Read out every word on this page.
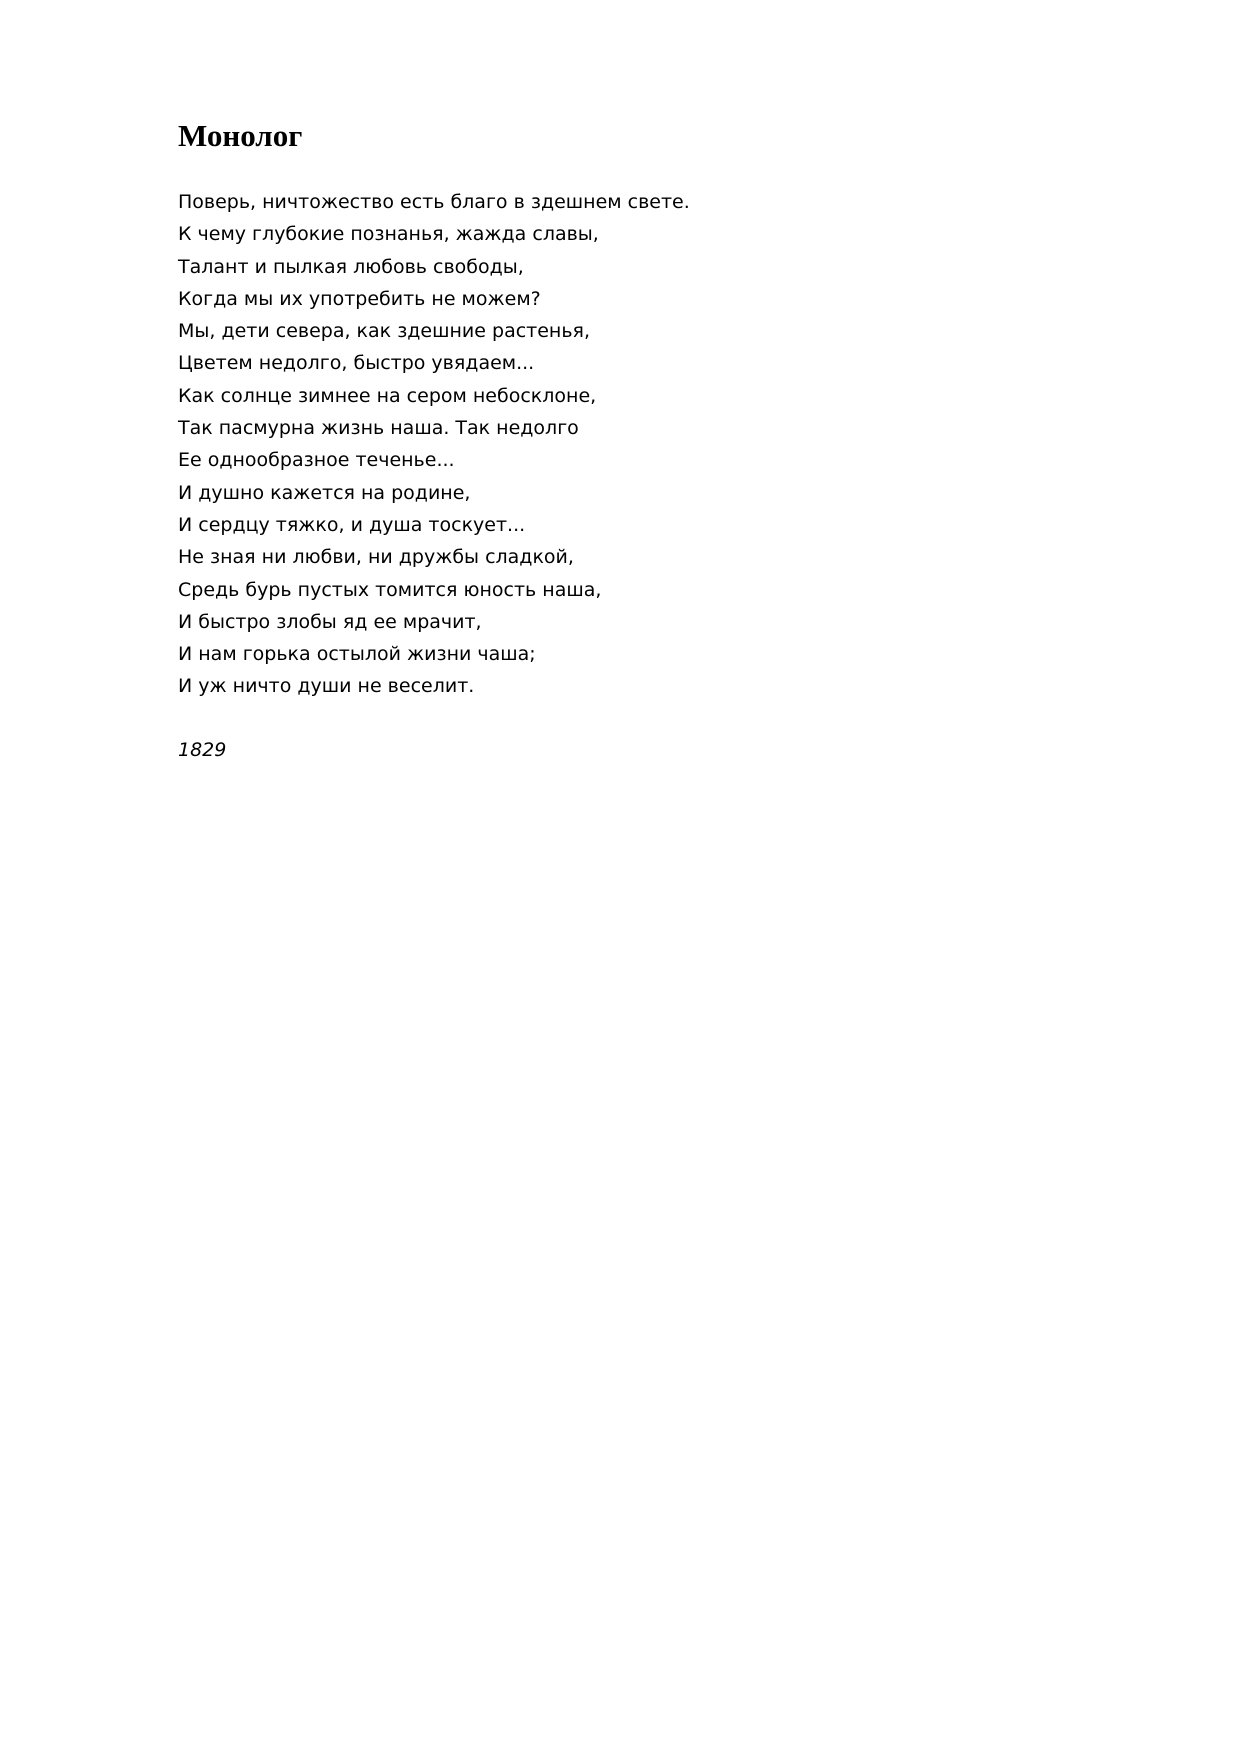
Монолог
Поверь, ничтожество есть благо в здешнем свете.
К чему глубокие познанья, жажда славы,
Талант и пылкая любовь свободы,
Когда мы их употребить не можем?
Мы, дети севера, как здешние растенья,
Цветем недолго, быстро увядаем...
Как солнце зимнее на сером небосклоне,
Так пасмурна жизнь наша. Так недолго
Ее однообразное теченье...
И душно кажется на родине,
И сердцу тяжко, и душа тоскует...
Не зная ни любви, ни дружбы сладкой,
Средь бурь пустых томится юность наша,
И быстро злобы яд ее мрачит,
И нам горька остылой жизни чаша;
И уж ничто души не веселит.

1829
